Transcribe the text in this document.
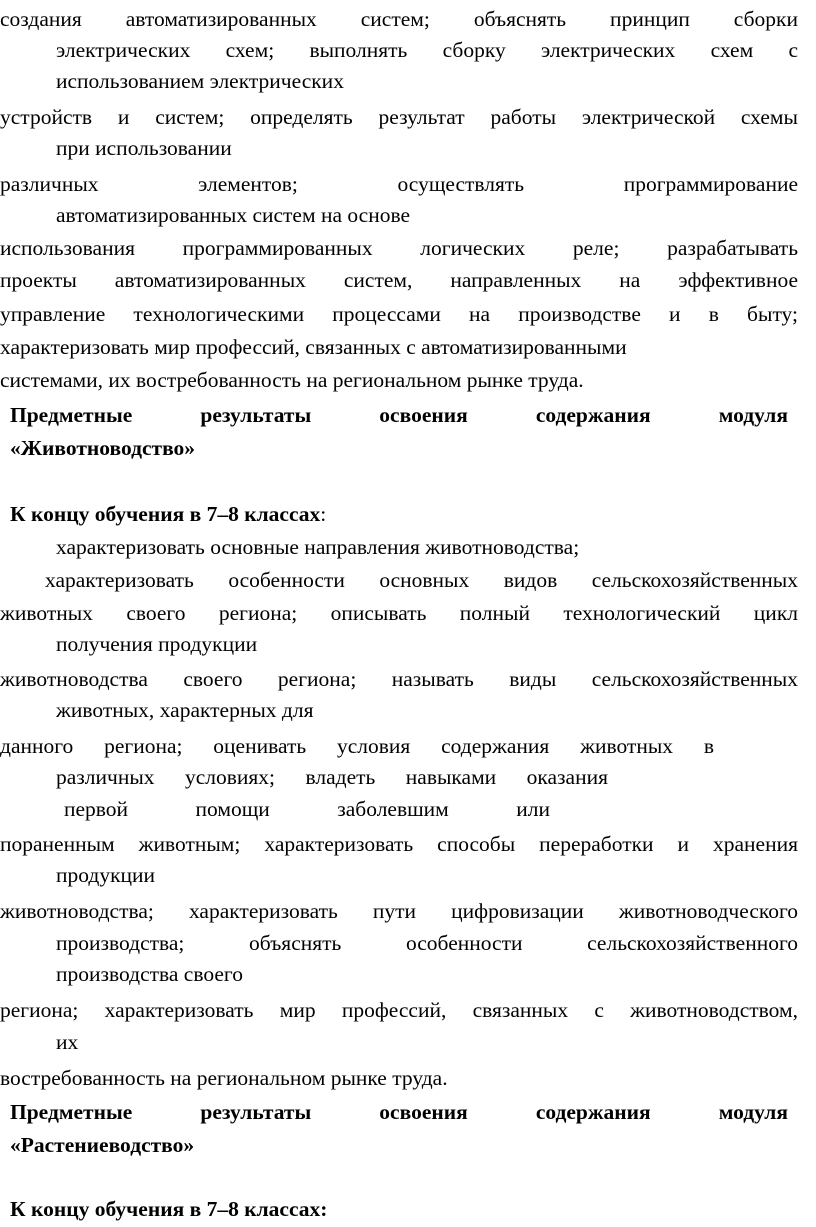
создания автоматизированных систем; объяснять принцип сборки
электрических схем; выполнять сборку электрических схем с
использованием электрических
устройств и систем; определять результат работы электрической схемы
при использовании
различных элементов; осуществлять программирование
автоматизированных систем на основе
использования программированных логических реле; разрабатывать
проекты автоматизированных систем, направленных на эффективное
управление технологическими процессами на производстве и в быту;
характеризовать мир профессий, связанных с автоматизированными
системами, их востребованность на региональном рынке труда.
Предметные результаты освоения содержания модуля
«Животноводство»
К концу обучения в 7–8 классах:
характеризовать основные направления животноводства;
характеризовать особенности основных видов сельскохозяйственных
животных своего региона; описывать полный технологический цикл
получения продукции
животноводства своего региона; называть виды сельскохозяйственных
животных, характерных для
данного региона; оценивать условия содержания животных в
различных условиях; владеть навыками оказания
первой помощи заболевшим или
пораненным животным; характеризовать способы переработки и хранения
продукции
животноводства; характеризовать пути цифровизации животноводческого
производства; объяснять особенности сельскохозяйственного
производства своего
региона; характеризовать мир профессий, связанных с животноводством,
их
востребованность на региональном рынке труда.
Предметные результаты освоения содержания модуля
«Растениеводство»
К концу обучения в 7–8 классах:
